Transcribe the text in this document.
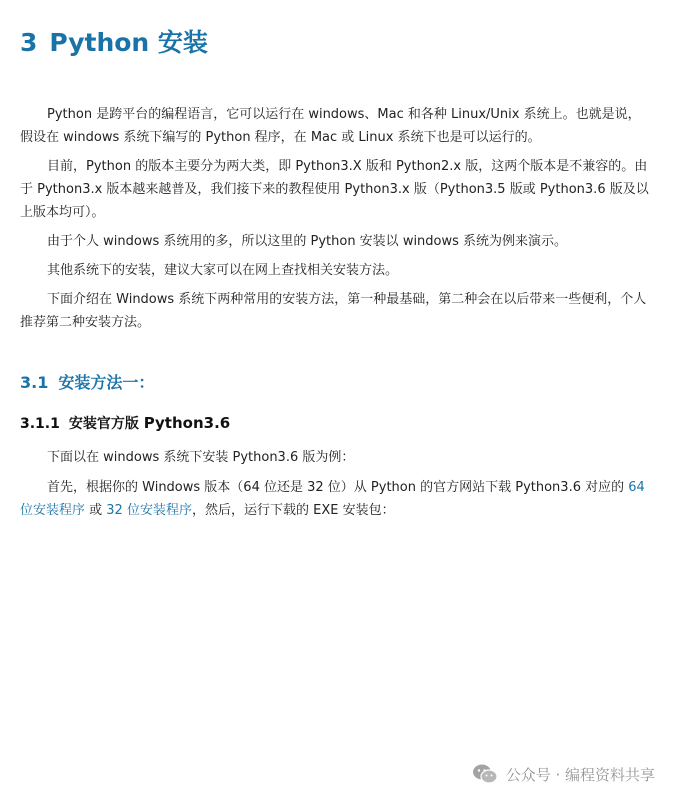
3 Python 安装

Python 是跨平台的编程语言，它可以运行在 windows、Mac 和各种 Linux/Unix 系统上。也就是说，假设在 windows 系统下编写的 Python 程序，在 Mac 或 Linux 系统下也是可以运行的。

目前，Python 的版本主要分为两大类，即 Python3.X 版和 Python2.x 版，这两个版本是不兼容的。由于 Python3.x 版本越来越普及，我们接下来的教程使用 Python3.x 版（Python3.5 版或 Python3.6 版及以上版本均可）。

由于个人 windows 系统用的多，所以这里的 Python 安装以 windows 系统为例来演示。

其他系统下的安装，建议大家可以在网上查找相关安装方法。

下面介绍在 Windows 系统下两种常用的安装方法，第一种最基础，第二种会在以后带来一些便利，个人推荐第二种安装方法。

3.1 安装方法一：
3.1.1 安装官方版 Python3.6

下面以在 windows 系统下安装 Python3.6 版为例：

首先，根据你的 Windows 版本（64 位还是 32 位）从 Python 的官方网站下载 Python3.6 对应的 64 位安装程序 或 32 位安装程序，然后，运行下载的 EXE 安装包：

公众号 · 编程资料共享
